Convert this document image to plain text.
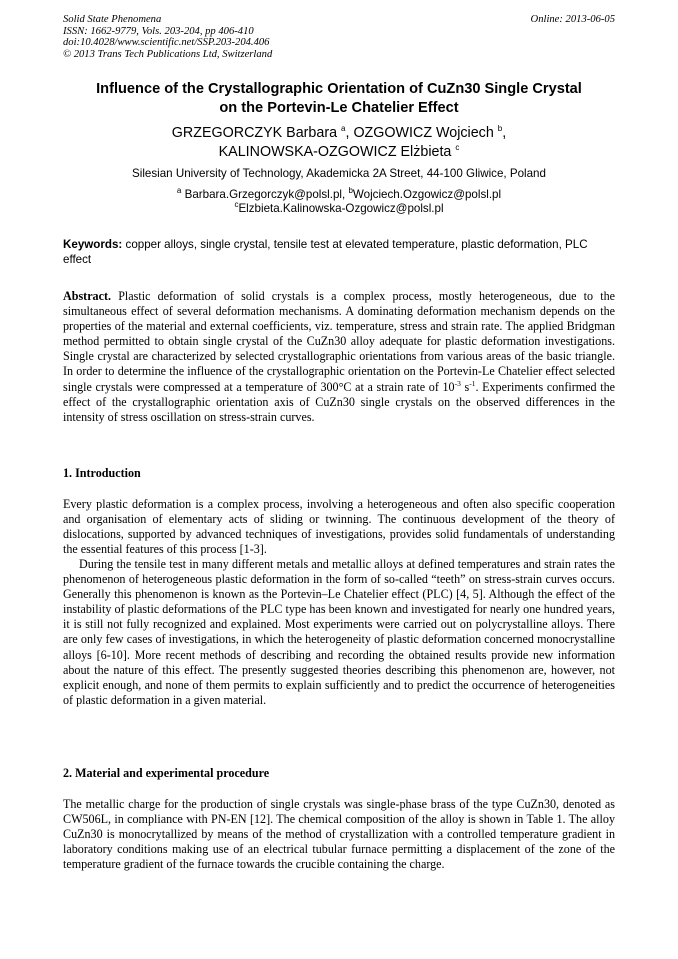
Solid State Phenomena
ISSN: 1662-9779, Vols. 203-204, pp 406-410
doi:10.4028/www.scientific.net/SSP.203-204.406
© 2013 Trans Tech Publications Ltd, Switzerland
Online: 2013-06-05
Influence of the Crystallographic Orientation of CuZn30 Single Crystal
on the Portevin-Le Chatelier Effect
GRZEGORCZYK Barbara $^a$, OZGOWICZ Wojciech $^b$,
KALINOWSKA-OZGOWICZ Elżbieta $^c$
Silesian University of Technology, Akademicka 2A Street, 44-100 Gliwice, Poland
$^a$ Barbara.Grzegorczyk@polsl.pl, $^b$Wojciech.Ozgowicz@polsl.pl
$^c$Elzbieta.Kalinowska-Ozgowicz@polsl.pl
Keywords: copper alloys, single crystal, tensile test at elevated temperature, plastic deformation, PLC effect

Abstract. Plastic deformation of solid crystals is a complex process, mostly heterogeneous, due to the simultaneous effect of several deformation mechanisms. A dominating deformation mechanism depends on the properties of the material and external coefficients, viz. temperature, stress and strain rate. The applied Bridgman method permitted to obtain single crystal of the CuZn30 alloy adequate for plastic deformation investigations. Single crystal are characterized by selected crystallographic orientations from various areas of the basic triangle. In order to determine the influence of the crystallographic orientation on the Portevin-Le Chatelier effect selected single crystals were compressed at a temperature of 300°C at a strain rate of $10^{-3}$ $s^{-1}$. Experiments confirmed the effect of the crystallographic orientation axis of CuZn30 single crystals on the observed differences in the intensity of stress oscillation on stress-strain curves.

1. Introduction

Every plastic deformation is a complex process, involving a heterogeneous and often also specific cooperation and organisation of elementary acts of sliding or twinning. The continuous development of the theory of dislocations, supported by advanced techniques of investigations, provides solid fundamentals of understanding the essential features of this process [1-3].

During the tensile test in many different metals and metallic alloys at defined temperatures and strain rates the phenomenon of heterogeneous plastic deformation in the form of so-called “teeth” on stress-strain curves occurs. Generally this phenomenon is known as the Portevin–Le Chatelier effect (PLC) [4, 5]. Although the effect of the instability of plastic deformations of the PLC type has been known and investigated for nearly one hundred years, it is still not fully recognized and explained. Most experiments were carried out on polycrystalline alloys. There are only few cases of investigations, in which the heterogeneity of plastic deformation concerned monocrystalline alloys [6-10]. More recent methods of describing and recording the obtained results provide new information about the nature of this effect. The presently suggested theories describing this phenomenon are, however, not explicit enough, and none of them permits to explain sufficiently and to predict the occurrence of heterogeneities of plastic deformation in a given material.

2. Material and experimental procedure

The metallic charge for the production of single crystals was single-phase brass of the type CuZn30, denoted as CW506L, in compliance with PN-EN [12]. The chemical composition of the alloy is shown in Table 1. The alloy CuZn30 is monocrytallized by means of the method of crystallization with a controlled temperature gradient in laboratory conditions making use of an electrical tubular furnace permitting a displacement of the zone of the temperature gradient of the furnace towards the crucible containing the charge.
